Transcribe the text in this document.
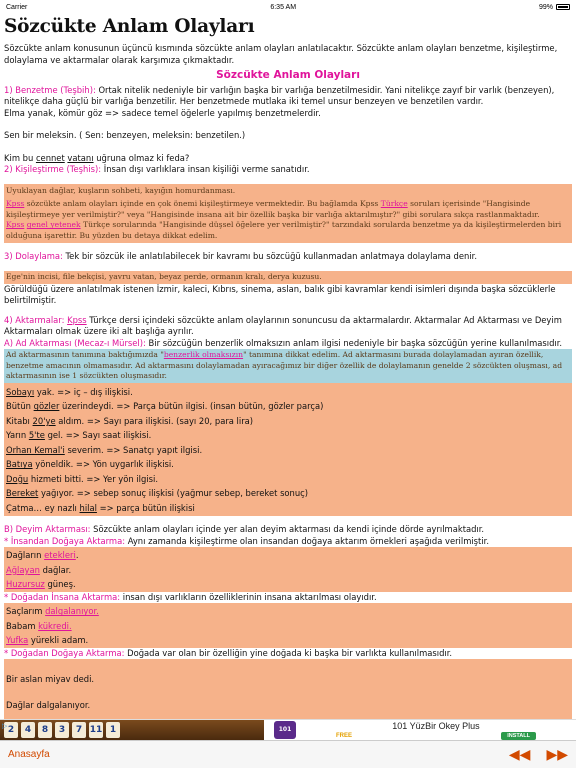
Carrier	6:35 AM	99%
Sözcükte Anlam Olayları

Sözcükte anlam konusunun üçüncü kısmında sözcükte anlam olayları anlatılacaktır. Sözcükte anlam olayları benzetme, kişileştirme, dolaylama ve aktarmalar olarak karşımıza çıkmaktadır.

Sözcükte Anlam Olayları

1) Benzetme (Teşbih): Ortak nitelik nedeniyle bir varlığın başka bir varlığa benzetilmesidir. Yani nitelikçe zayıf bir varlık (benzeyen), nitelikçe daha güçlü bir varlığa benzetilir. Her benzetmede mutlaka iki temel unsur benzeyen ve benzetilen vardır.

Elma yanak, kömür göz => sadece temel öğelerle yapılmış benzetmelerdir.

Sen bir meleksin. ( Sen: benzeyen, meleksin: benzetilen.)

Kim bu cennet vatanı uğruna olmaz ki feda?

2) Kişileştirme (Teşhis): İnsan dışı varlıklara insan kişiliği verme sanatıdır.

Uyuklayan dağlar, kuşların sohbeti, kayığın homurdanması.
Kpss sözcükte anlam olayları içinde en çok önemi kişileştirmeye vermektedir. Bu bağlamda Kpss Türkçe soruları içerisinde "Hangisinde kişileştirmeye yer verilmiştir?" veya "Hangisinde insana ait bir özellik başka bir varlığa aktarılmıştır?" gibi sorulara sıkça rastlanmaktadır.
Kpss genel yetenek Türkçe sorularında "Hangisinde düşsel öğelere yer verilmiştir?" tarzındaki sorularda benzetme ya da kişileştirmelerden biri olduğuna işarettir. Bu yüzden bu detaya dikkat edelim.

3) Dolaylama: Tek bir sözcük ile anlatılabilecek bir kavramı bu sözcüğü kullanmadan anlatmaya dolaylama denir.

Ege'nin incisi, file bekçisi, yavru vatan, beyaz perde, ormanın kralı, derya kuzusu.

Görüldüğü üzere anlatılmak istenen İzmir, kaleci, Kıbrıs, sinema, aslan, balık gibi kavramlar kendi isimleri dışında başka sözcüklerle belirtilmiştir.

4) Aktarmalar: Kpss Türkçe dersi içindeki sözcükte anlam olaylarının sonuncusu da aktarmalardır. Aktarmalar Ad Aktarması ve Deyim Aktarmaları olmak üzere iki alt başlığa ayrılır.

A) Ad Aktarması (Mecaz-ı Mürsel): Bir sözcüğün benzerlik olmaksızın anlam ilgisi nedeniyle bir başka sözcüğün yerine kullanılmasıdır.

Ad aktarmasının tanımına baktığımızda "benzerlik olmaksızın" tanımına dikkat edelim. Ad aktarmasını burada dolaylamadan ayıran özellik, benzetme amacının olmamasıdır. Ad aktarmasını dolaylamadan ayıracağımız bir diğer özellik de dolaylamanın genelde 2 sözcükten oluşması, ad aktarmasının ise 1 sözcükten oluşmasıdır.

Sobayı yak. => iç – dış ilişkisi.

Bütün gözler üzerindeydi. => Parça bütün ilgisi. (insan bütün, gözler parça)

Kitabı 20'ye aldım. => Sayı para ilişkisi. (sayı 20, para lira)

Yarın 5'te gel. => Sayı saat ilişkisi.

Orhan Kemal'i severim. => Sanatçı yapıt ilgisi.

Batıya yöneldik. => Yön uygarlık ilişkisi.

Doğu hizmeti bitti. => Yer yön ilgisi.

Bereket yağıyor. => sebep sonuç ilişkisi (yağmur sebep, bereket sonuç)

Çatma… ey nazlı hilal => parça bütün ilişkisi

B) Deyim Aktarması: Sözcükte anlam olayları içinde yer alan deyim aktarması da kendi içinde dörde ayrılmaktadır.

* İnsandan Doğaya Aktarma: Aynı zamanda kişileştirme olan insandan doğaya aktarım örnekleri aşağıda verilmiştir.

Dağların etekleri.

Ağlayan dağlar.

Huzursuz güneş.

* Doğadan İnsana Aktarma: insan dışı varlıkların özelliklerinin insana aktarılması olayıdır.

Saçlarım dalgalanıyor.

Babam kükredi.

Yufka yürekli adam.

* Doğadan Doğaya Aktarma: Doğada var olan bir özelliğin yine doğada ki başka bir varlıkta kullanılmasıdır.

Bir aslan miyav dedi.

Dağlar dalgalanıyor.

▷ 2	4	8	3	7 11 1	101	101 YüzBir Okey Plus
FREE	INSTALL
Anasayfa	◀◀ ▶▶
